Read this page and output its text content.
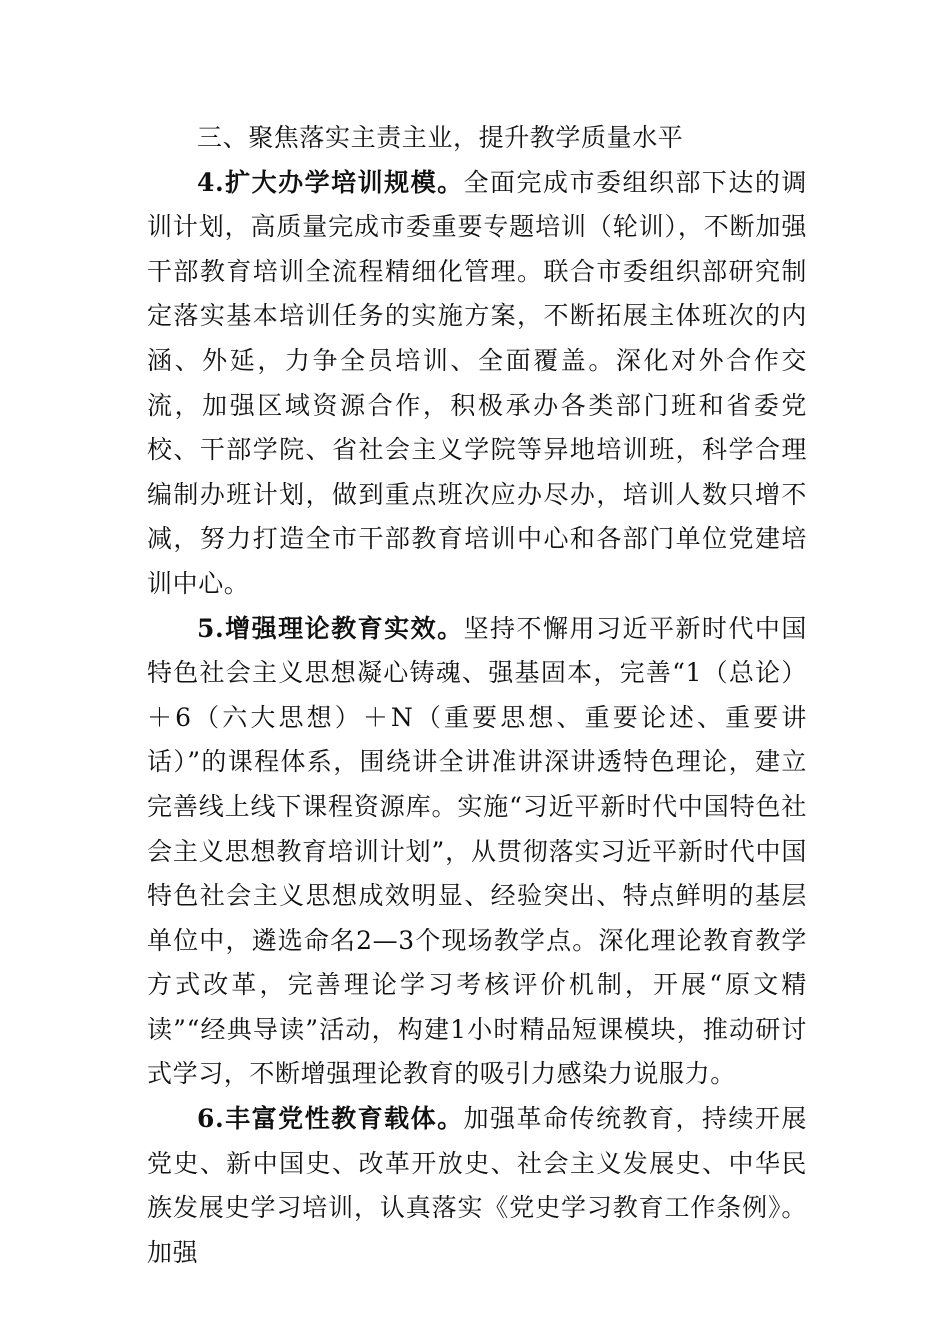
三、聚焦落实主责主业，提升教学质量水平

4.扩大办学培训规模。全面完成市委组织部下达的调训计划，高质量完成市委重要专题培训（轮训），不断加强干部教育培训全流程精细化管理。联合市委组织部研究制定落实基本培训任务的实施方案，不断拓展主体班次的内涵、外延，力争全员培训、全面覆盖。深化对外合作交流，加强区域资源合作，积极承办各类部门班和省委党校、干部学院、省社会主义学院等异地培训班，科学合理编制办班计划，做到重点班次应办尽办，培训人数只增不减，努力打造全市干部教育培训中心和各部门单位党建培训中心。

5.增强理论教育实效。坚持不懈用习近平新时代中国特色社会主义思想凝心铸魂、强基固本，完善“1（总论）＋6（六大思想）＋N（重要思想、重要论述、重要讲话）”的课程体系，围绕讲全讲准讲深讲透特色理论，建立完善线上线下课程资源库。实施“习近平新时代中国特色社会主义思想教育培训计划”，从贯彻落实习近平新时代中国特色社会主义思想成效明显、经验突出、特点鲜明的基层单位中，遴选命名2—3个现场教学点。深化理论教育教学方式改革，完善理论学习考核评价机制，开展“原文精读”“经典导读”活动，构建1小时精品短课模块，推动研讨式学习，不断增强理论教育的吸引力感染力说服力。

6.丰富党性教育载体。加强革命传统教育，持续开展党史、新中国史、改革开放史、社会主义发展史、中华民族发展史学习培训，认真落实《党史学习教育工作条例》。加强
